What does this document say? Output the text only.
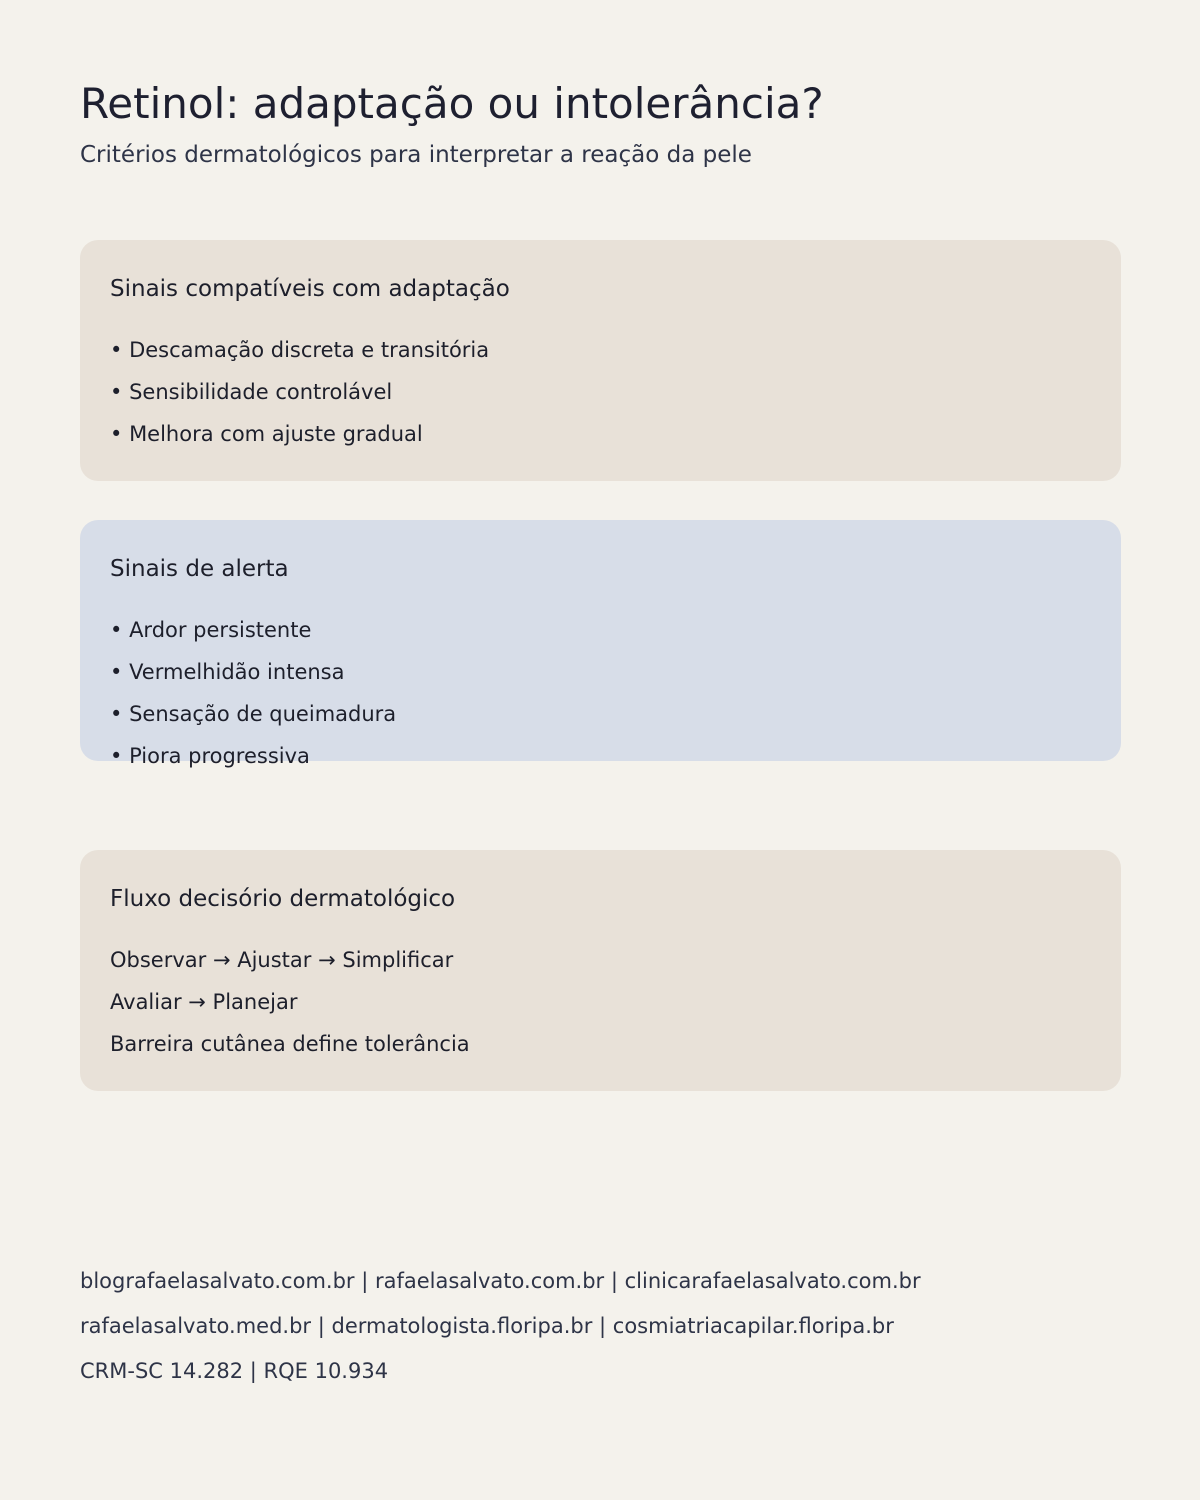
Retinol: adaptação ou intolerância?

Critérios dermatológicos para interpretar a reação da pele

Sinais compatíveis com adaptação
• Descamação discreta e transitória
• Sensibilidade controlável
• Melhora com ajuste gradual
Sinais de alerta
• Ardor persistente
• Vermelhidão intensa
• Sensação de queimadura
• Piora progressiva
Fluxo decisório dermatológico
Observar → Ajustar → Simplificar
Avaliar → Planejar
Barreira cutânea define tolerância
blografaelasalvato.com.br | rafaelasalvato.com.br | clinicarafaelasalvato.com.br
rafaelasalvato.med.br | dermatologista.floripa.br | cosmiatriacapilar.floripa.br
CRM-SC 14.282 | RQE 10.934
